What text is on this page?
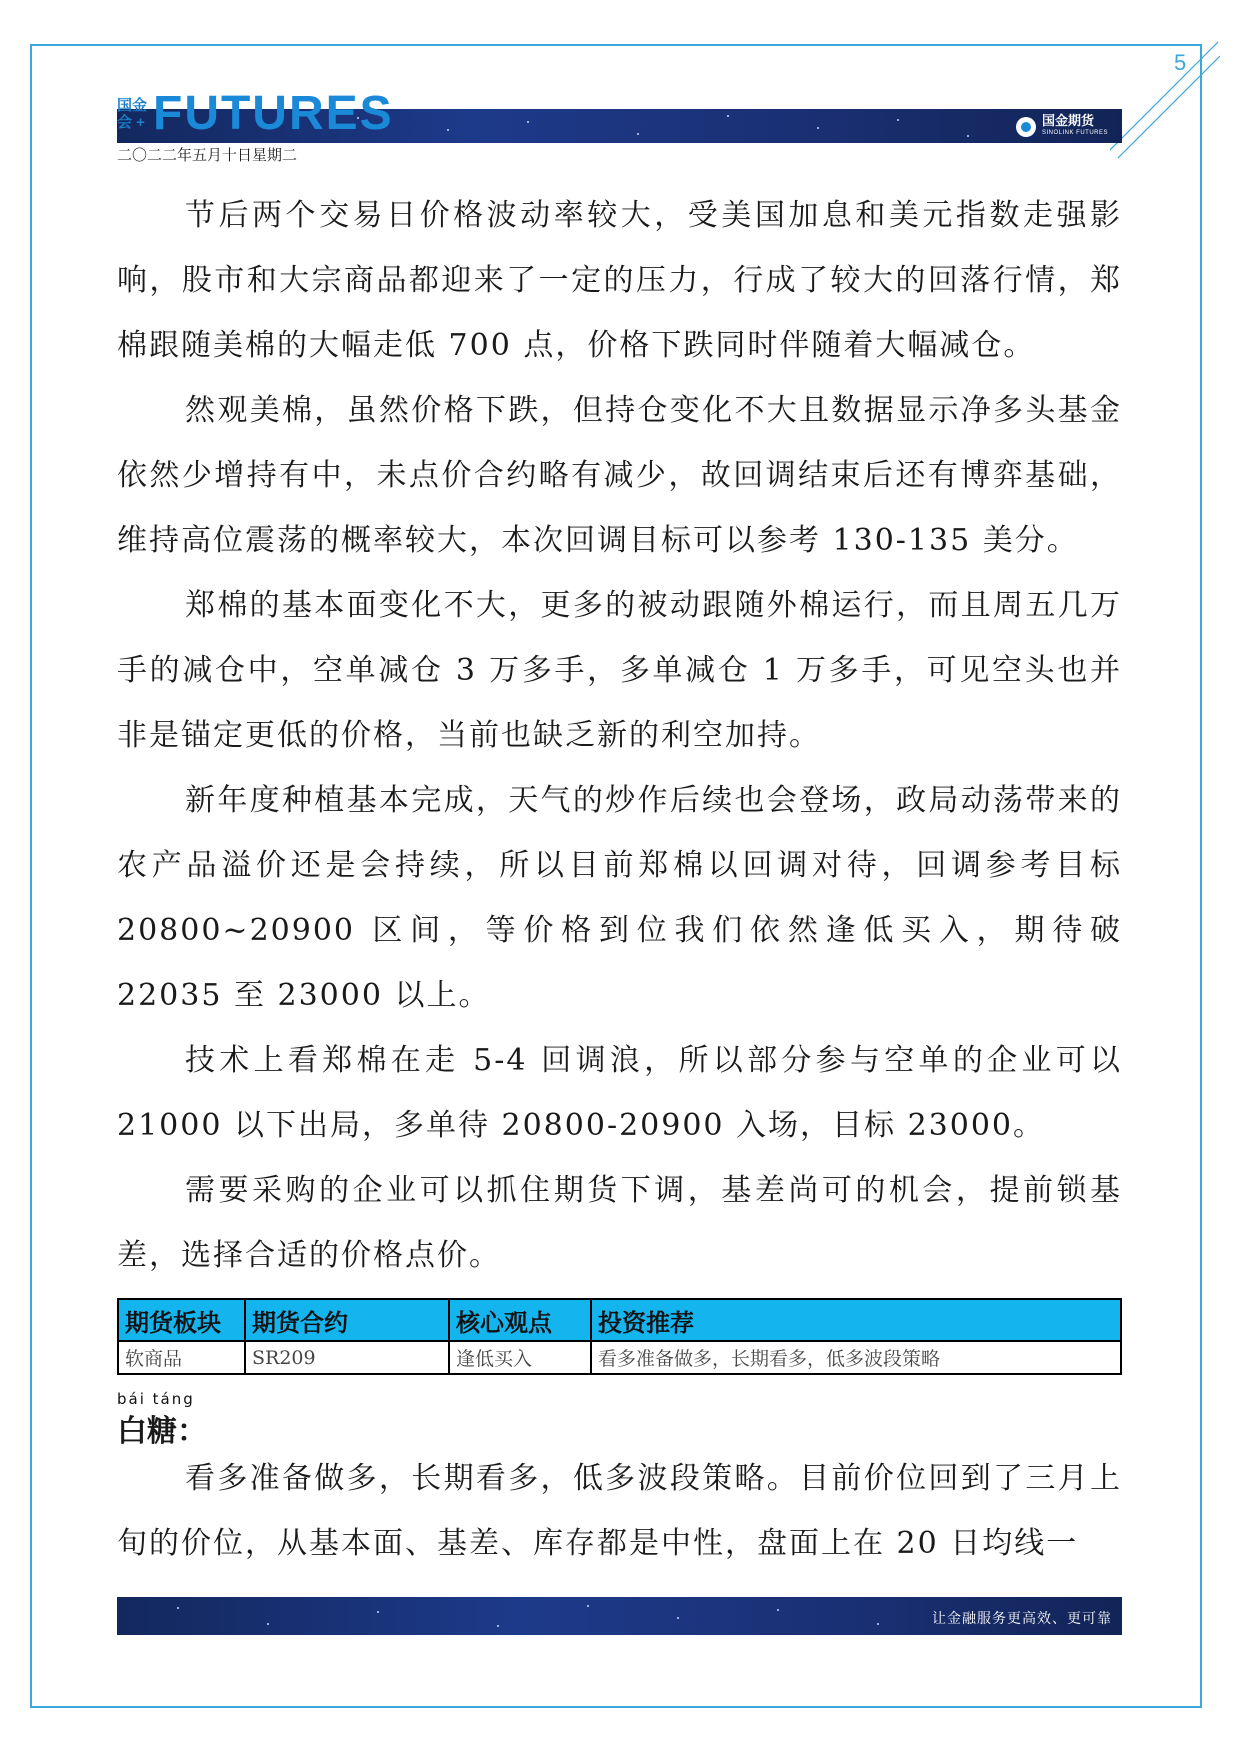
5
国金期货
SINOLINK FUTURES
国金会 + FUTURES
二〇二二年五月十日星期二

节后两个交易日价格波动率较大，受美国加息和美元指数走强影响，股市和大宗商品都迎来了一定的压力，行成了较大的回落行情，郑棉跟随美棉的大幅走低 700 点，价格下跌同时伴随着大幅减仓。

然观美棉，虽然价格下跌，但持仓变化不大且数据显示净多头基金依然少增持有中，未点价合约略有减少，故回调结束后还有博弈基础，维持高位震荡的概率较大，本次回调目标可以参考 130-135 美分。

郑棉的基本面变化不大，更多的被动跟随外棉运行，而且周五几万手的减仓中，空单减仓 3 万多手，多单减仓 1 万多手，可见空头也并非是锚定更低的价格，当前也缺乏新的利空加持。

新年度种植基本完成，天气的炒作后续也会登场，政局动荡带来的农产品溢价还是会持续，所以目前郑棉以回调对待，回调参考目标 20800~20900 区间，等价格到位我们依然逢低买入，期待破 22035 至 23000 以上。

技术上看郑棉在走 5-4 回调浪，所以部分参与空单的企业可以 21000 以下出局，多单待 20800-20900 入场，目标 23000。

需要采购的企业可以抓住期货下调，基差尚可的机会，提前锁基差，选择合适的价格点价。

期货板块	期货合约	核心观点	投资推荐
软商品	SR209	逢低买入	看多准备做多，长期看多，低多波段策略
bái táng
白糖：

看多准备做多，长期看多，低多波段策略。目前价位回到了三月上旬的价位，从基本面、基差、库存都是中性，盘面上在 20 日均线一

让金融服务更高效、更可靠
